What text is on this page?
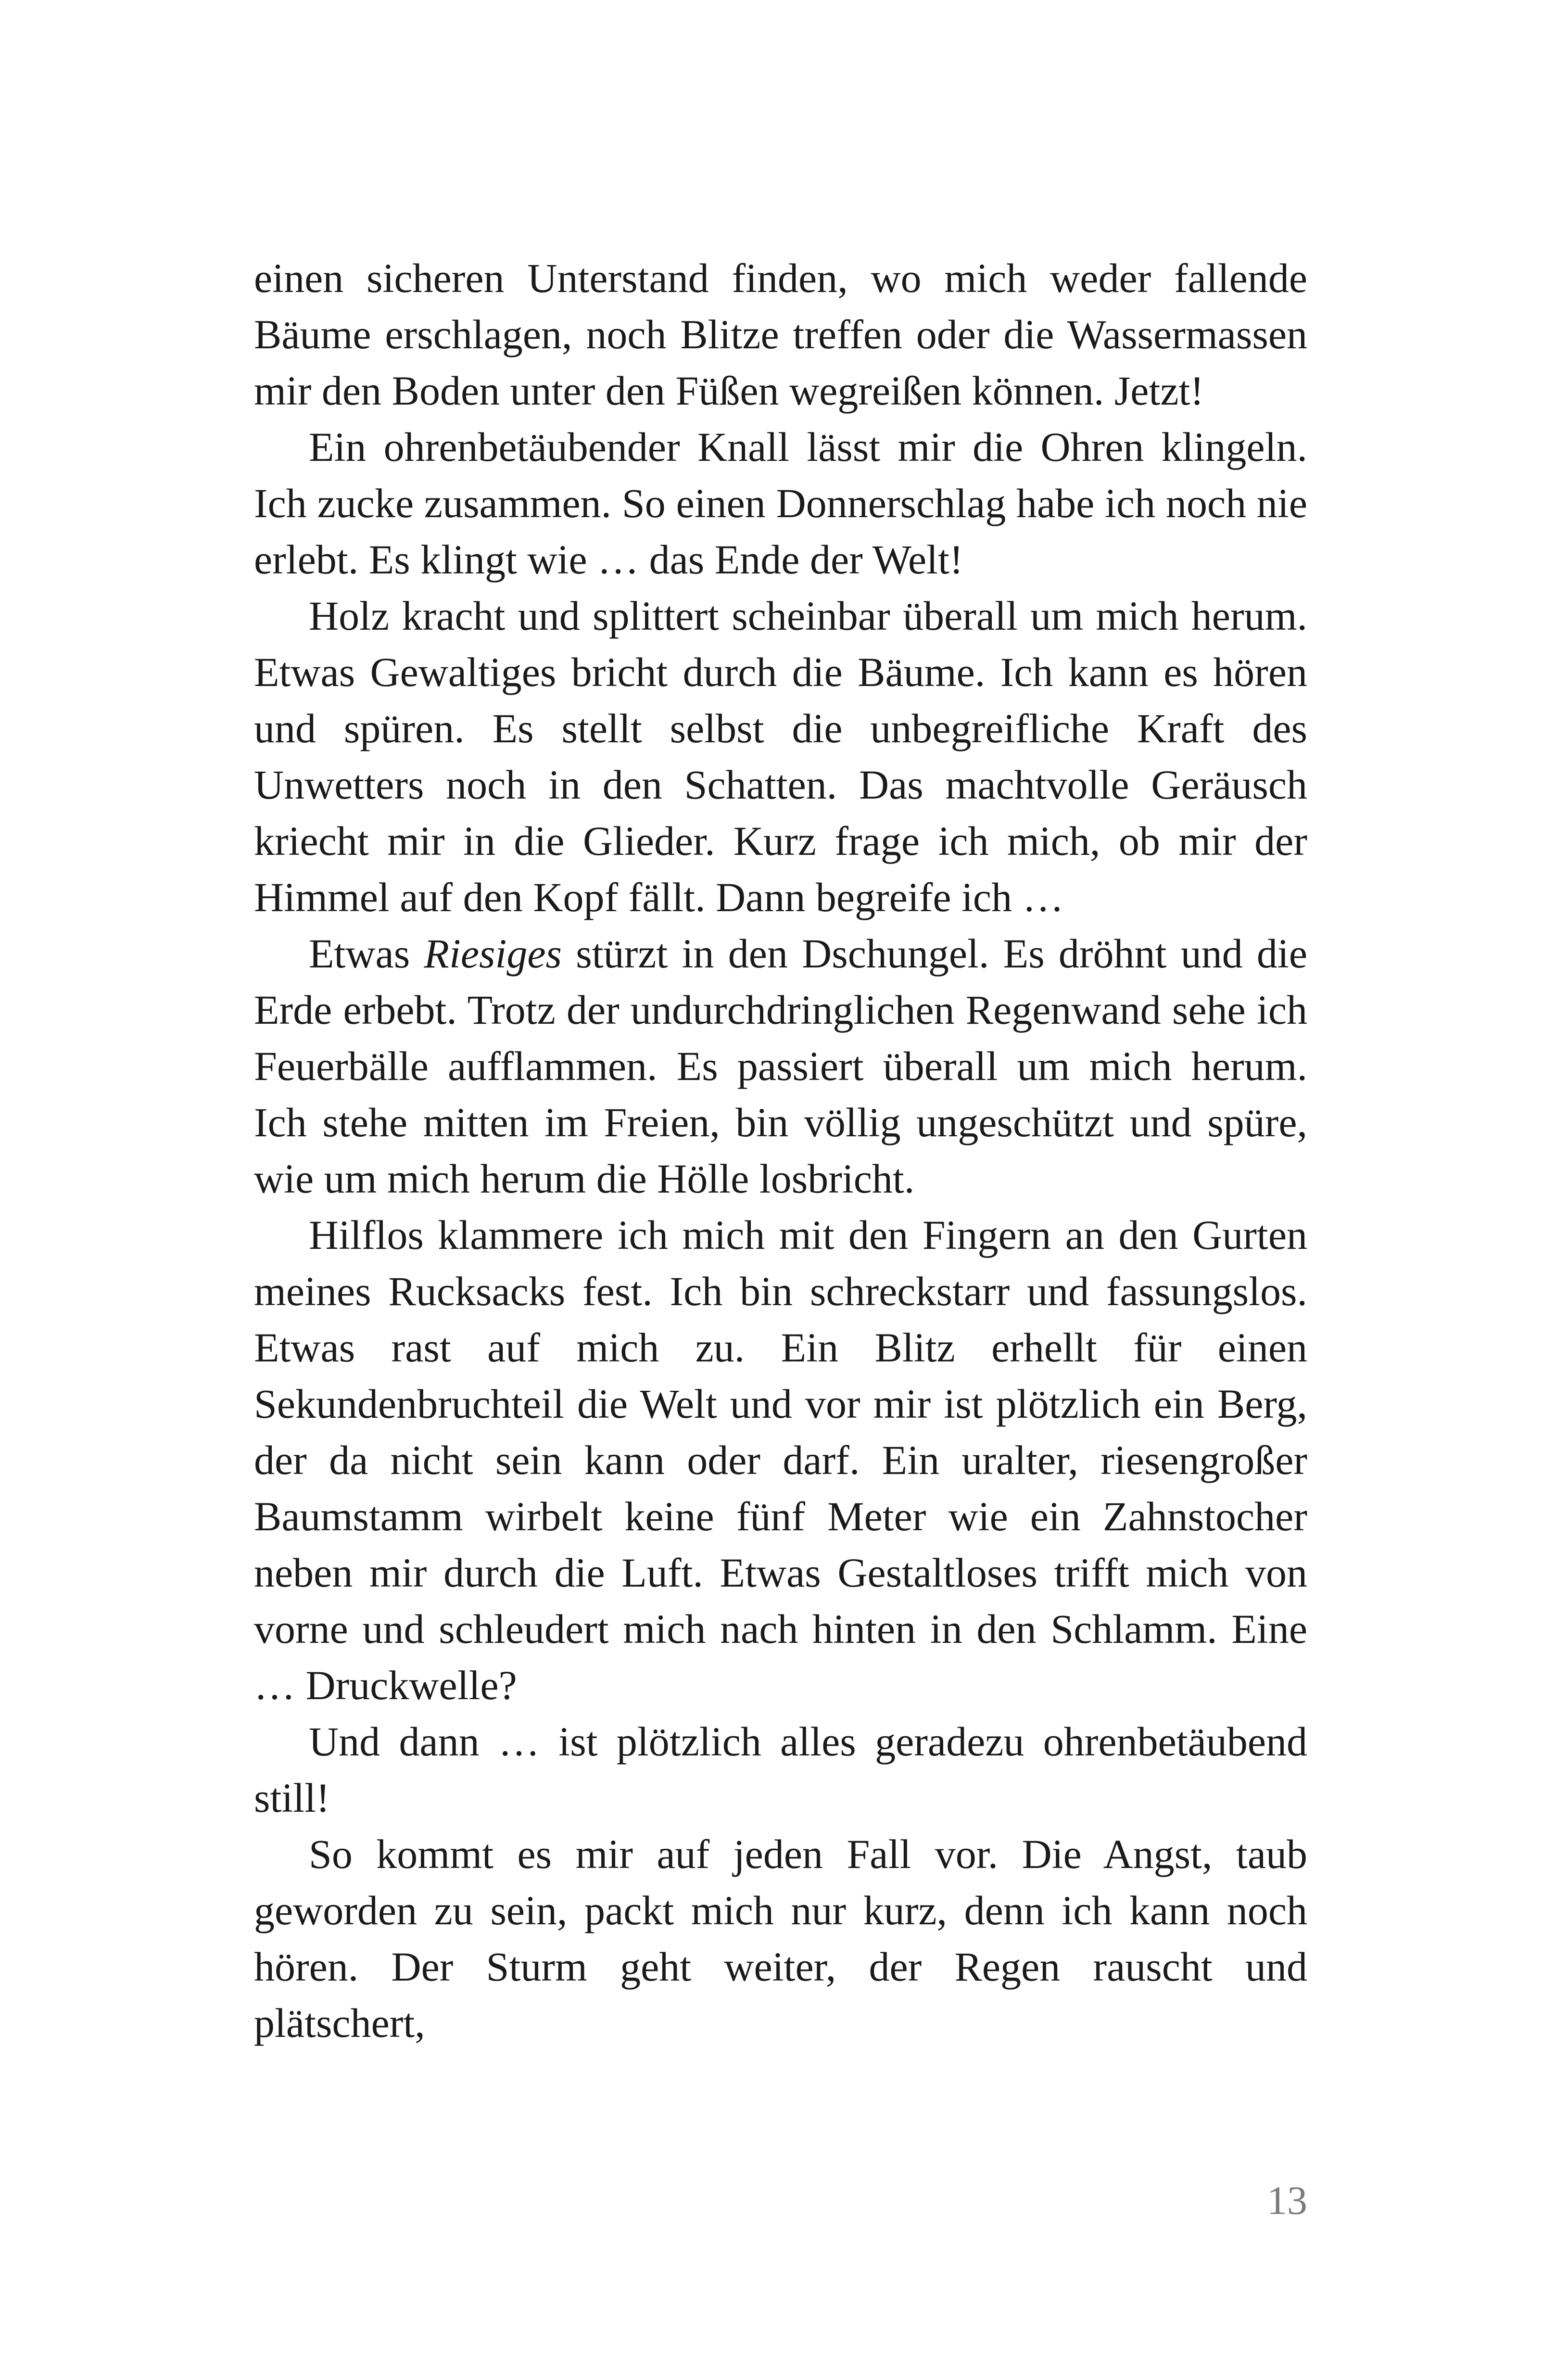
einen sicheren Unterstand finden, wo mich weder fallende Bäume erschlagen, noch Blitze treffen oder die Wassermassen mir den Boden unter den Füßen wegreißen können. Jetzt!

Ein ohrenbetäubender Knall lässt mir die Ohren klingeln. Ich zucke zusammen. So einen Donnerschlag habe ich noch nie erlebt. Es klingt wie … das Ende der Welt!

Holz kracht und splittert scheinbar überall um mich herum. Etwas Gewaltiges bricht durch die Bäume. Ich kann es hören und spüren. Es stellt selbst die unbegreifliche Kraft des Unwetters noch in den Schatten. Das machtvolle Geräusch kriecht mir in die Glieder. Kurz frage ich mich, ob mir der Himmel auf den Kopf fällt. Dann begreife ich …

Etwas Riesiges stürzt in den Dschungel. Es dröhnt und die Erde erbebt. Trotz der undurchdringlichen Regenwand sehe ich Feuerbälle aufflammen. Es passiert überall um mich herum. Ich stehe mitten im Freien, bin völlig ungeschützt und spüre, wie um mich herum die Hölle losbricht.

Hilflos klammere ich mich mit den Fingern an den Gurten meines Rucksacks fest. Ich bin schreckstarr und fassungslos. Etwas rast auf mich zu. Ein Blitz erhellt für einen Sekundenbruchteil die Welt und vor mir ist plötzlich ein Berg, der da nicht sein kann oder darf. Ein uralter, riesengroßer Baumstamm wirbelt keine fünf Meter wie ein Zahnstocher neben mir durch die Luft. Etwas Gestaltloses trifft mich von vorne und schleudert mich nach hinten in den Schlamm. Eine … Druckwelle?

Und dann … ist plötzlich alles geradezu ohrenbetäubend still!

So kommt es mir auf jeden Fall vor. Die Angst, taub geworden zu sein, packt mich nur kurz, denn ich kann noch hören. Der Sturm geht weiter, der Regen rauscht und plätschert,

13
